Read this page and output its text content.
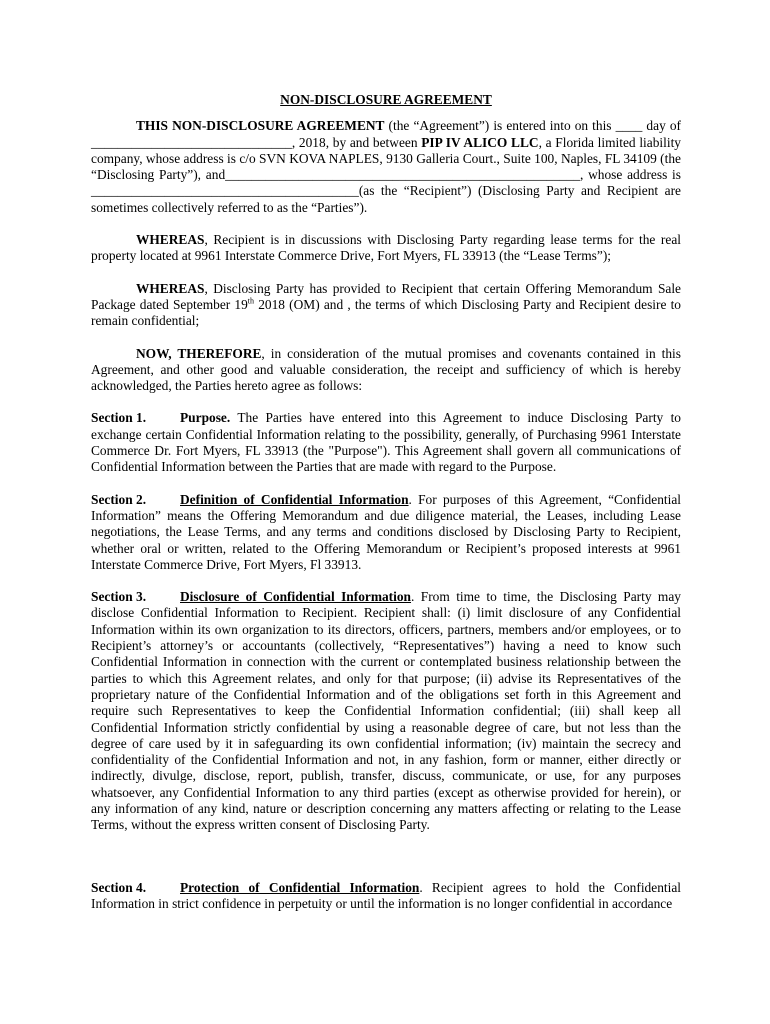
NON-DISCLOSURE AGREEMENT

THIS NON-DISCLOSURE AGREEMENT (the “Agreement”) is entered into on this ____ day of ______________________________, 2018, by and between PIP IV ALICO LLC, a Florida limited liability company, whose address is c/o SVN KOVA NAPLES, 9130 Galleria Court., Suite 100, Naples, FL 34109 (the “Disclosing Party”), and_____________________________________________________, whose address is ________________________________________(as the “Recipient”) (Disclosing Party and Recipient are sometimes collectively referred to as the “Parties”).

WHEREAS, Recipient is in discussions with Disclosing Party regarding lease terms for the real property located at 9961 Interstate Commerce Drive, Fort Myers, FL 33913 (the “Lease Terms”);

WHEREAS, Disclosing Party has provided to Recipient that certain Offering Memorandum Sale Package dated September 19th 2018 (OM) and , the terms of which Disclosing Party and Recipient desire to remain confidential;

NOW, THEREFORE, in consideration of the mutual promises and covenants contained in this Agreement, and other good and valuable consideration, the receipt and sufficiency of which is hereby acknowledged, the Parties hereto agree as follows:

Section 1.	Purpose. The Parties have entered into this Agreement to induce Disclosing Party to exchange certain Confidential Information relating to the possibility, generally, of Purchasing 9961 Interstate Commerce Dr. Fort Myers, FL 33913 (the "Purpose"). This Agreement shall govern all communications of Confidential Information between the Parties that are made with regard to the Purpose.

Section 2.	Definition of Confidential Information. For purposes of this Agreement, “Confidential Information” means the Offering Memorandum and due diligence material, the Leases, including Lease negotiations, the Lease Terms, and any terms and conditions disclosed by Disclosing Party to Recipient, whether oral or written, related to the Offering Memorandum or Recipient’s proposed interests at 9961 Interstate Commerce Drive, Fort Myers, Fl 33913.

Section 3.	Disclosure of Confidential Information. From time to time, the Disclosing Party may disclose Confidential Information to Recipient. Recipient shall: (i) limit disclosure of any Confidential Information within its own organization to its directors, officers, partners, members and/or employees, or to Recipient’s attorney’s or accountants (collectively, “Representatives”) having a need to know such Confidential Information in connection with the current or contemplated business relationship between the parties to which this Agreement relates, and only for that purpose; (ii) advise its Representatives of the proprietary nature of the Confidential Information and of the obligations set forth in this Agreement and require such Representatives to keep the Confidential Information confidential; (iii) shall keep all Confidential Information strictly confidential by using a reasonable degree of care, but not less than the degree of care used by it in safeguarding its own confidential information; (iv) maintain the secrecy and confidentiality of the Confidential Information and not, in any fashion, form or manner, either directly or indirectly, divulge, disclose, report, publish, transfer, discuss, communicate, or use, for any purposes whatsoever, any Confidential Information to any third parties (except as otherwise provided for herein), or any information of any kind, nature or description concerning any matters affecting or relating to the Lease Terms, without the express written consent of Disclosing Party.

Section 4.	Protection of Confidential Information. Recipient agrees to hold the Confidential Information in strict confidence in perpetuity or until the information is no longer confidential in accordance
